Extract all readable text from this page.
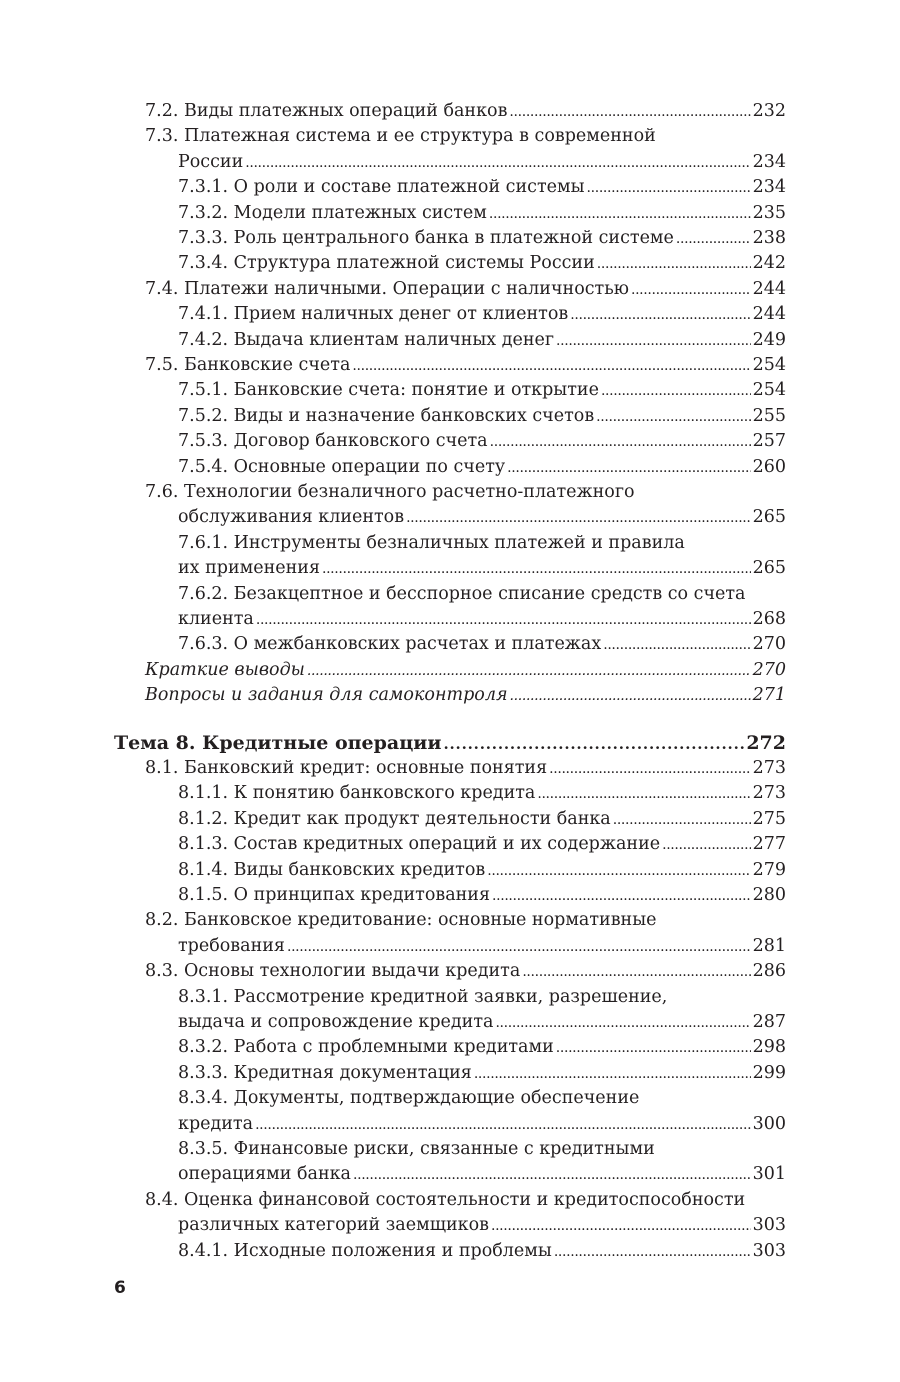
7.2. Виды платежных операций банков . . .	232
7.3. Платежная система и ее структура в современной
России . . .	234
7.3.1. О роли и составе платежной системы . . .	234
7.3.2. Модели платежных систем . . .	235
7.3.3. Роль центрального банка в платежной системе . . .	238
7.3.4. Структура платежной системы России . . .	242
7.4. Платежи наличными. Операции с наличностью . . .	244
7.4.1. Прием наличных денег от клиентов . . .	244
7.4.2. Выдача клиентам наличных денег . . .	249
7.5. Банковские счета . . .	254
7.5.1. Банковские счета: понятие и открытие . . .	254
7.5.2. Виды и назначение банковских счетов . . .	255
7.5.3. Договор банковского счета . . .	257
7.5.4. Основные операции по счету . . .	260
7.6. Технологии безналичного расчетно-платежного
обслуживания клиентов . . .	265
7.6.1. Инструменты безналичных платежей и правила
их применения . . .	265
7.6.2. Безакцептное и бесспорное списание средств со счета
клиента . . .	268
7.6.3. О межбанковских расчетах и платежах . . .	270
Краткие выводы . . .	270
Вопросы и задания для самоконтроля . . .	271
Тема 8. Кредитные операции . . .	272
8.1. Банковский кредит: основные понятия . . .	273
8.1.1. К понятию банковского кредита . . .	273
8.1.2. Кредит как продукт деятельности банка . . .	275
8.1.3. Состав кредитных операций и их содержание . . .	277
8.1.4. Виды банковских кредитов . . .	279
8.1.5. О принципах кредитования . . .	280
8.2. Банковское кредитование: основные нормативные
требования . . .	281
8.3. Основы технологии выдачи кредита . . .	286
8.3.1. Рассмотрение кредитной заявки, разрешение,
выдача и сопровождение кредита . . .	287
8.3.2. Работа с проблемными кредитами . . .	298
8.3.3. Кредитная документация . . .	299
8.3.4. Документы, подтверждающие обеспечение
кредита . . .	300
8.3.5. Финансовые риски, связанные с кредитными
операциями банка . . .	301
8.4. Оценка финансовой состоятельности и кредитоспособности
различных категорий заемщиков . . .	303
8.4.1. Исходные положения и проблемы . . .	303
6
